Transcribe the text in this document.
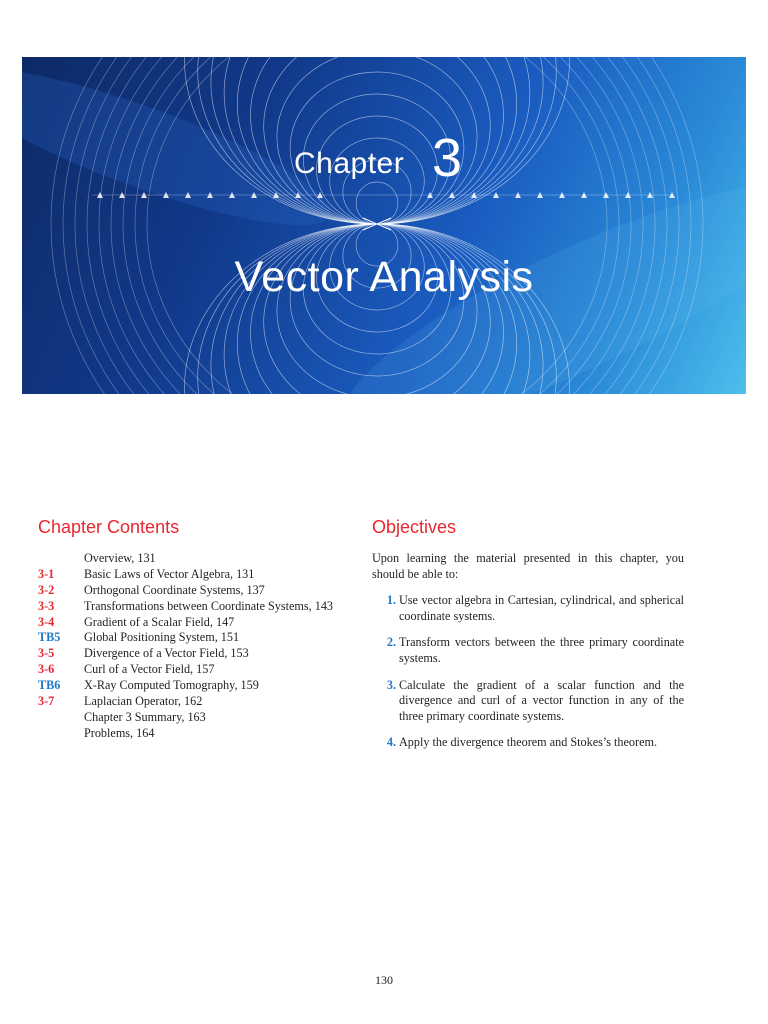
Chapter 3
Vector Analysis
Chapter Contents
Overview, 131
3-1	Basic Laws of Vector Algebra, 131
3-2	Orthogonal Coordinate Systems, 137
3-3	Transformations between Coordinate Systems, 143
3-4	Gradient of a Scalar Field, 147
TB5	Global Positioning System, 151
3-5	Divergence of a Vector Field, 153
3-6	Curl of a Vector Field, 157
TB6	X-Ray Computed Tomography, 159
3-7	Laplacian Operator, 162
Chapter 3 Summary, 163
Problems, 164
Objectives

Upon learning the material presented in this chapter, you should be able to:

1. Use vector algebra in Cartesian, cylindrical, and spherical coordinate systems.
2. Transform vectors between the three primary coordinate systems.
3. Calculate the gradient of a scalar function and the divergence and curl of a vector function in any of the three primary coordinate systems.
4. Apply the divergence theorem and Stokes’s theorem.
130
